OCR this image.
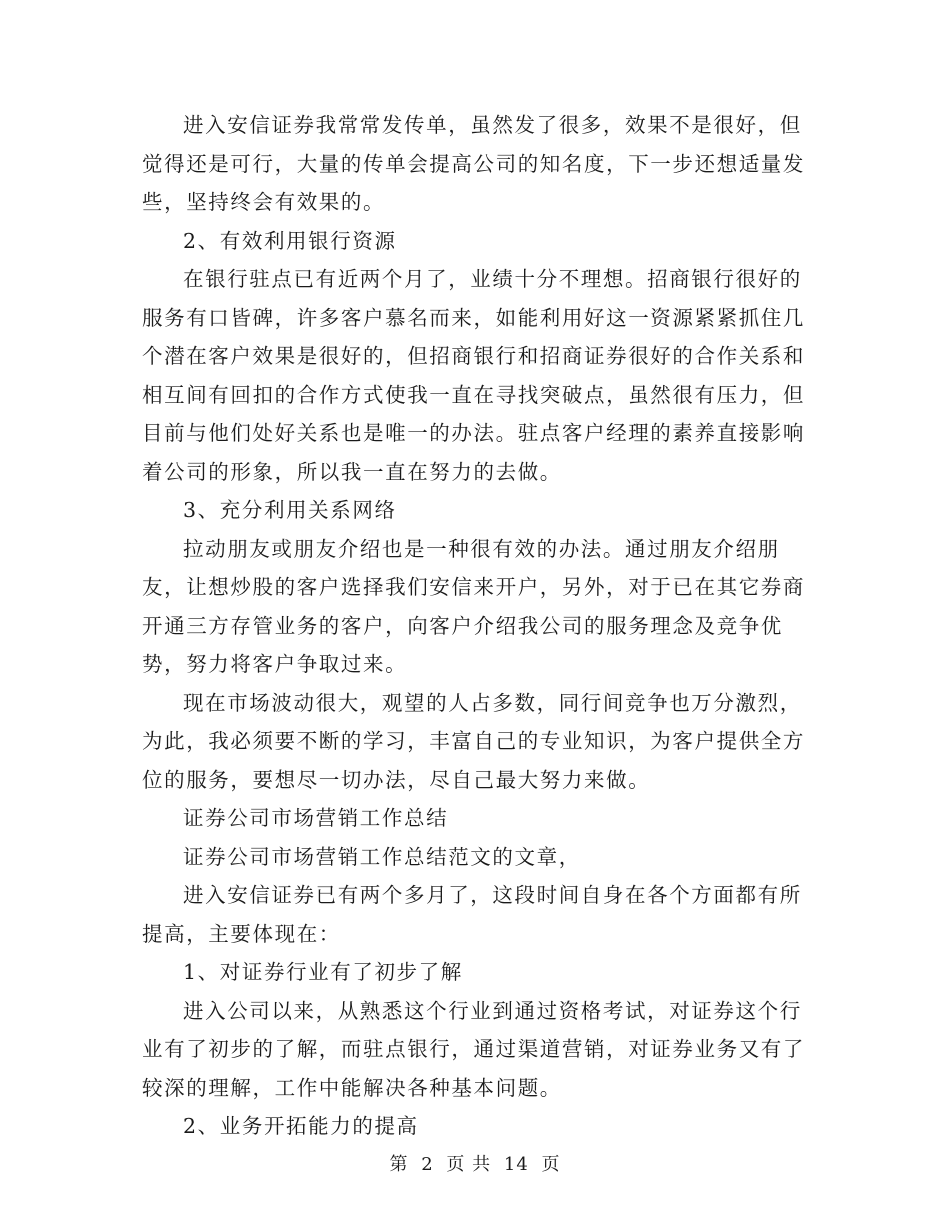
进入安信证券我常常发传单，虽然发了很多，效果不是很好，但觉得还是可行，大量的传单会提高公司的知名度，下一步还想适量发些，坚持终会有效果的。

2、有效利用银行资源

在银行驻点已有近两个月了，业绩十分不理想。招商银行很好的服务有口皆碑，许多客户慕名而来，如能利用好这一资源紧紧抓住几个潜在客户效果是很好的，但招商银行和招商证券很好的合作关系和相互间有回扣的合作方式使我一直在寻找突破点，虽然很有压力，但目前与他们处好关系也是唯一的办法。驻点客户经理的素养直接影响着公司的形象，所以我一直在努力的去做。

3、充分利用关系网络

拉动朋友或朋友介绍也是一种很有效的办法。通过朋友介绍朋友，让想炒股的客户选择我们安信来开户，另外，对于已在其它券商开通三方存管业务的客户，向客户介绍我公司的服务理念及竞争优势，努力将客户争取过来。

现在市场波动很大，观望的人占多数，同行间竞争也万分激烈，为此，我必须要不断的学习，丰富自己的专业知识，为客户提供全方位的服务，要想尽一切办法，尽自己最大努力来做。

证券公司市场营销工作总结

证券公司市场营销工作总结范文的文章，

进入安信证券已有两个多月了，这段时间自身在各个方面都有所提高，主要体现在：

1、对证券行业有了初步了解

进入公司以来，从熟悉这个行业到通过资格考试，对证券这个行业有了初步的了解，而驻点银行，通过渠道营销，对证券业务又有了较深的理解，工作中能解决各种基本问题。

2、业务开拓能力的提高

第 2 页 共 14 页
